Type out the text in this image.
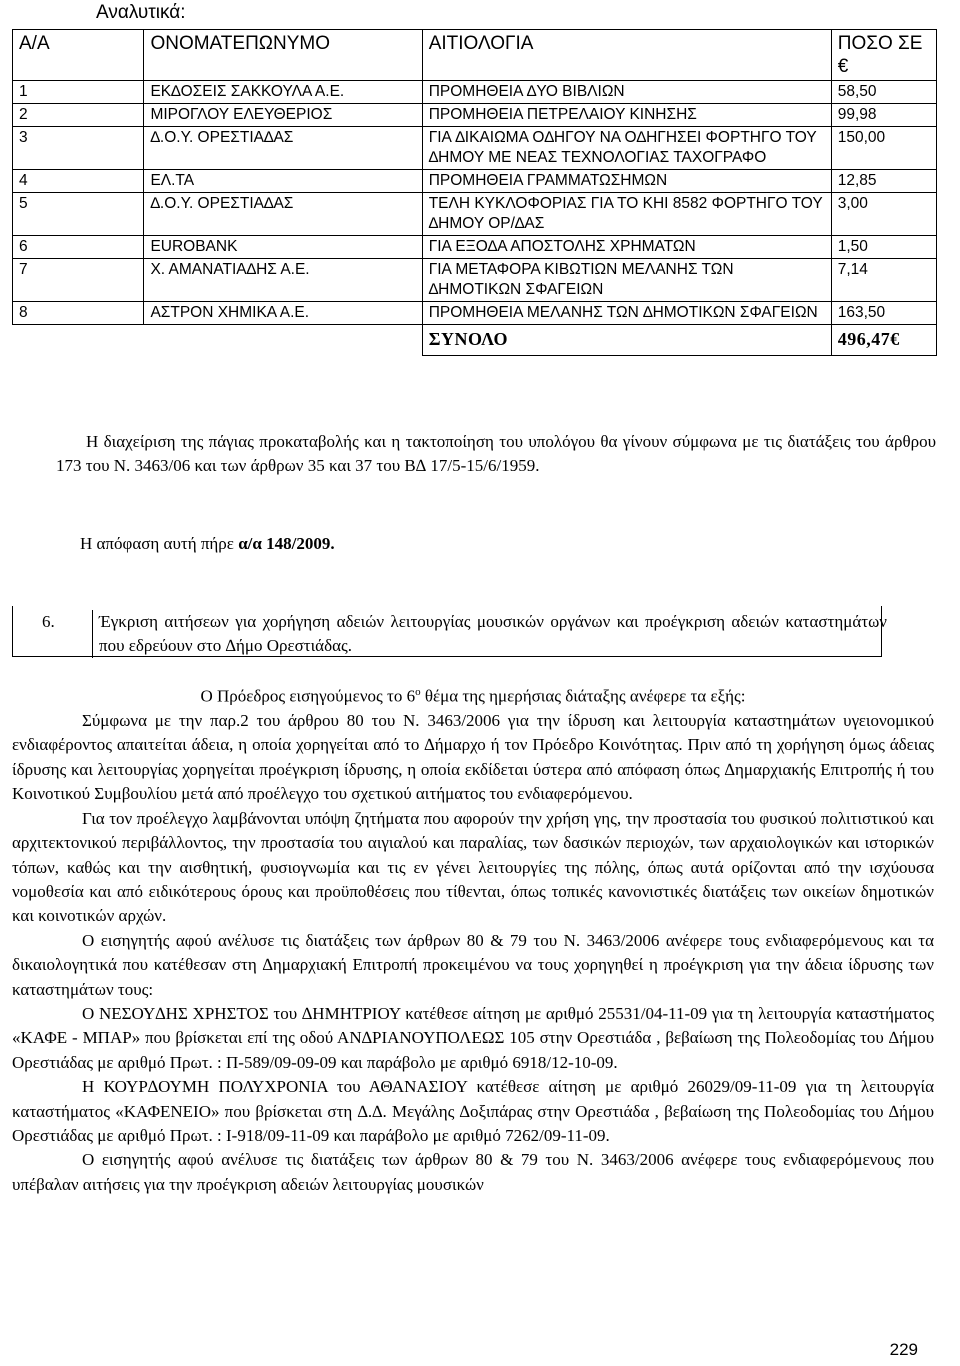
Αναλυτικά:
Α/Α	ΟΝΟΜΑΤΕΠΩΝΥΜΟ	ΑΙΤΙΟΛΟΓΙΑ	ΠΟΣΟ ΣΕ €
1	ΕΚ∆ΟΣΕΙΣ ΣΑΚΚΟΥΛΑ Α.Ε.	ΠΡΟΜΗΘΕΙΑ ∆ΥΟ ΒΙΒΛΙΩΝ	58,50
2	ΜΙΡΟΓΛΟΥ ΕΛΕΥΘΕΡΙΟΣ	ΠΡΟΜΗΘΕΙΑ ΠΕΤΡΕΛΑΙΟΥ ΚΙΝΗΣΗΣ	99,98
3	∆.Ο.Υ. ΟΡΕΣΤΙΑ∆ΑΣ	ΓΙΑ ∆ΙΚΑΙΩΜΑ Ο∆ΗΓΟΥ ΝΑ Ο∆ΗΓΗΣΕΙ ΦΟΡΤΗΓΟ ΤΟΥ ∆ΗΜΟΥ ΜΕ ΝΕΑΣ ΤΕΧΝΟΛΟΓΙΑΣ ΤΑΧΟΓΡΑΦΟ	150,00
4	ΕΛ.ΤΑ	ΠΡΟΜΗΘΕΙΑ ΓΡΑΜΜΑΤΩΣΗΜΩΝ	12,85
5	∆.Ο.Υ. ΟΡΕΣΤΙΑ∆ΑΣ	ΤΕΛΗ ΚΥΚΛΟΦΟΡΙΑΣ ΓΙΑ ΤΟ ΚΗΙ 8582 ΦΟΡΤΗΓΟ ΤΟΥ ∆ΗΜΟΥ ΟΡ/∆ΑΣ	3,00
6	EUROBANK	ΓΙΑ ΕΞΟ∆Α ΑΠΟΣΤΟΛΗΣ ΧΡΗΜΑΤΩΝ	1,50
7	Χ. ΑΜΑΝΑΤΙΑ∆ΗΣ Α.Ε.	ΓΙΑ ΜΕΤΑΦΟΡΑ ΚΙΒΩΤΙΩΝ ΜΕΛΑΝΗΣ ΤΩΝ ∆ΗΜΟΤΙΚΩΝ ΣΦΑΓΕΙΩΝ	7,14
8	ΑΣΤΡΟΝ ΧΗΜΙΚΑ Α.Ε.	ΠΡΟΜΗΘΕΙΑ ΜΕΛΑΝΗΣ ΤΩΝ ∆ΗΜΟΤΙΚΩΝ ΣΦΑΓΕΙΩΝ	163,50
		ΣΥΝΟΛΟ	496,47€
Η διαχείριση της πάγιας προκαταβολής και η τακτοποίηση του υπολόγου θα γίνουν σύμφωνα με τις διατάξεις του άρθρου 173 του Ν. 3463/06 και των άρθρων 35 και 37 του Β∆ 17/5-15/6/1959.
Η απόφαση αυτή πήρε α/α 148/2009.
6.	Έγκριση αιτήσεων για χορήγηση αδειών λειτουργίας μουσικών οργάνων και προέγκριση αδειών καταστημάτων που εδρεύουν στο ∆ήμο Ορεστιάδας.

Ο Πρόεδρος εισηγούμενος το $6^o$ θέμα της ημερήσιας διάταξης ανέφερε τα εξής:

Σύμφωνα με την παρ.2 του άρθρου 80 του Ν. 3463/2006 για την ίδρυση και λειτουργία καταστημάτων υγειονομικού ενδιαφέροντος απαιτείται άδεια, η οποία χορηγείται από το ∆ήμαρχο ή τον Πρόεδρο Κοινότητας. Πριν από τη χορήγηση όμως άδειας ίδρυσης και λειτουργίας χορηγείται προέγκριση ίδρυσης, η οποία εκδίδεται ύστερα από απόφαση όπως ∆ημαρχιακής Επιτροπής ή του Κοινοτικού Συμβουλίου μετά από προέλεγχο του σχετικού αιτήματος του ενδιαφερόμενου.

Για τον προέλεγχο λαμβάνονται υπόψη ζητήματα που αφορούν την χρήση γης, την προστασία του φυσικού πολιτιστικού και αρχιτεκτονικού περιβάλλοντος, την προστασία του αιγιαλού και παραλίας, των δασικών περιοχών, των αρχαιολογικών και ιστορικών τόπων, καθώς και την αισθητική, φυσιογνωμία και τις εν γένει λειτουργίες της πόλης, όπως αυτά ορίζονται από την ισχύουσα νομοθεσία και από ειδικότερους όρους και προϋποθέσεις που τίθενται, όπως τοπικές κανονιστικές διατάξεις των οικείων δημοτικών και κοινοτικών αρχών.

Ο εισηγητής αφού ανέλυσε τις διατάξεις των άρθρων 80 & 79 του Ν. 3463/2006 ανέφερε τους ενδιαφερόμενους και τα δικαιολογητικά που κατέθεσαν στη ∆ημαρχιακή Επιτροπή προκειμένου να τους χορηγηθεί η προέγκριση για την άδεια ίδρυσης των καταστημάτων τους:

Ο ΝΕΣΟΥ∆ΗΣ ΧΡΗΣΤΟΣ του ∆ΗΜΗΤΡΙΟΥ κατέθεσε αίτηση με αριθμό 25531/04-11-09 για τη λειτουργία καταστήματος «ΚΑΦΕ - ΜΠΑΡ» που βρίσκεται επί της οδού ΑΝ∆ΡΙΑΝΟΥΠΟΛΕΩΣ 105 στην Ορεστιάδα , βεβαίωση της Πολεοδομίας του ∆ήμου Ορεστιάδας με αριθμό Πρωτ. : Π-589/09-09-09 και παράβολο με αριθμό 6918/12-10-09.

Η ΚΟΥΡ∆ΟΥΜΗ ΠΟΛΥΧΡΟΝΙΑ του ΑΘΑΝΑΣΙΟΥ κατέθεσε αίτηση με αριθμό 26029/09-11-09 για τη λειτουργία καταστήματος «ΚΑΦΕΝΕΙΟ» που βρίσκεται στη ∆.∆. Μεγάλης ∆οξιπάρας στην Ορεστιάδα , βεβαίωση της Πολεοδομίας του ∆ήμου Ορεστιάδας με αριθμό Πρωτ. : Ι-918/09-11-09 και παράβολο με αριθμό 7262/09-11-09.

Ο εισηγητής αφού ανέλυσε τις διατάξεις των άρθρων 80 & 79 του Ν. 3463/2006 ανέφερε τους ενδιαφερόμενους που υπέβαλαν αιτήσεις για την προέγκριση αδειών λειτουργίας μουσικών

229
